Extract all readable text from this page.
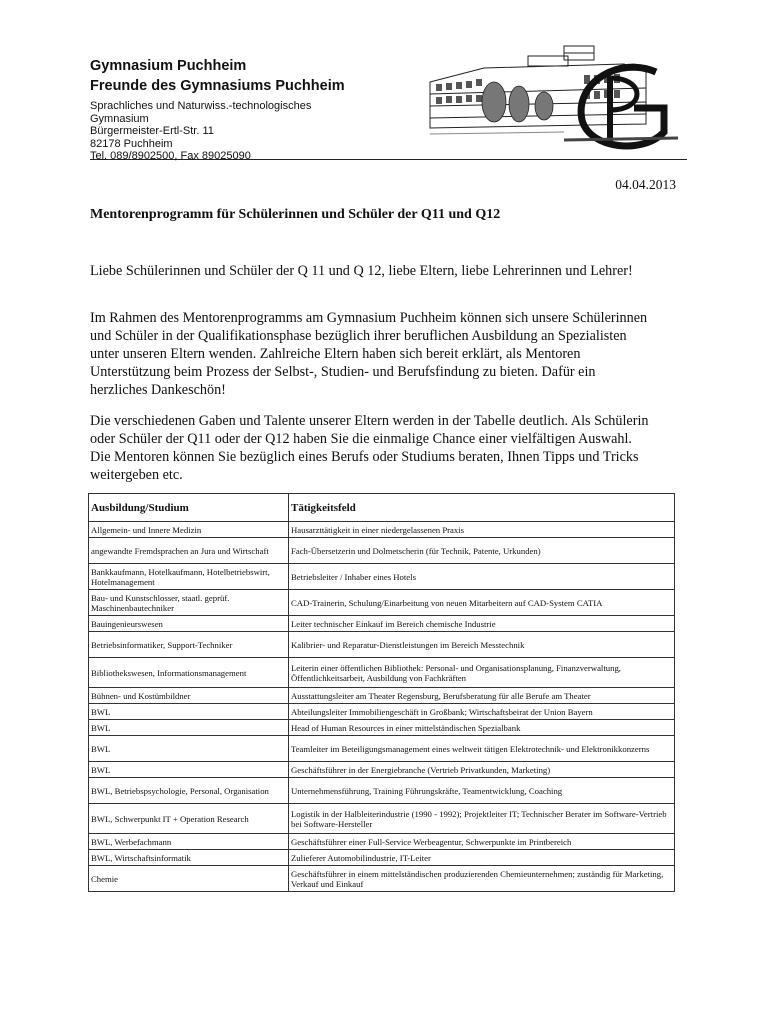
Gymnasium Puchheim

Freunde des Gymnasiums Puchheim

Sprachliches und Naturwiss.-technologisches

Gymnasium

Bürgermeister-Ertl-Str. 11

82178 Puchheim

Tel. 089/8902500, Fax 89025090

04.04.2013
Mentorenprogramm für Schülerinnen und Schüler der Q11 und Q12

Liebe Schülerinnen und Schüler der Q 11 und Q 12, liebe Eltern, liebe Lehrerinnen und Lehrer!

Im Rahmen des Mentorenprogramms am Gymnasium Puchheim können sich unsere Schülerinnen und Schüler in der Qualifikationsphase bezüglich ihrer beruflichen Ausbildung an Spezialisten unter unseren Eltern wenden. Zahlreiche Eltern haben sich bereit erklärt, als Mentoren Unterstützung beim Prozess der Selbst-, Studien- und Berufsfindung zu bieten. Dafür ein herzliches Dankeschön!

Die verschiedenen Gaben und Talente unserer Eltern werden in der Tabelle deutlich. Als Schülerin oder Schüler der Q11 oder der Q12 haben Sie die einmalige Chance einer vielfältigen Auswahl. Die Mentoren können Sie bezüglich eines Berufs oder Studiums beraten, Ihnen Tipps und Tricks weitergeben etc.

Ausbildung/Studium	Tätigkeitsfeld
Allgemein- und Innere Medizin	Hausarzttätigkeit in einer niedergelassenen Praxis
angewandte Fremdsprachen an Jura und Wirtschaft	Fach-Übersetzerin und Dolmetscherin (für Technik, Patente, Urkunden)
Bankkaufmann, Hotelkaufmann, Hotelbetriebswirt, Hotelmanagement	Betriebsleiter / Inhaber eines Hotels
Bau- und Kunstschlosser, staatl. geprüf. Maschinenbautechniker	CAD-Trainerin, Schulung/Einarbeitung von neuen Mitarbeitern auf CAD-System CATIA
Bauingenieurswesen	Leiter technischer Einkauf im Bereich chemische Industrie
Betriebsinformatiker, Support-Techniker	Kalibrier- und Reparatur-Dienstleistungen im Bereich Messtechnik
Bibliothekswesen, Informationsmanagement	Leiterin einer öffentlichen Bibliothek: Personal- und Organisationsplanung, Finanzverwaltung, Öffentlichkeitsarbeit, Ausbildung von Fachkräften
Bühnen- und Kostümbildner	Ausstattungsleiter am Theater Regensburg, Berufsberatung für alle Berufe am Theater
BWL	Abteilungsleiter Immobiliengeschäft in Großbank; Wirtschaftsbeirat der Union Bayern
BWL	Head of Human Resources in einer mittelständischen Spezialbank
BWL	Teamleiter im Beteiligungsmanagement eines weltweit tätigen Elektrotechnik- und Elektronikkonzerns
BWL	Geschäftsführer in der Energiebranche (Vertrieb Privatkunden, Marketing)
BWL, Betriebspsychologie, Personal, Organisation	Unternehmensführung, Training Führungskräfte, Teamentwicklung, Coaching
BWL, Schwerpunkt IT + Operation Research	Logistik in der Halbleiterindustrie (1990 - 1992); Projektleiter IT; Technischer Berater im Software-Vertrieb bei Software-Hersteller
BWL, Werbefachmann	Geschäftsführer einer Full-Service Werbeagentur, Schwerpunkte im Printbereich
BWL, Wirtschaftsinformatik	Zulieferer Automobilindustrie, IT-Leiter
Chemie	Geschäftsführer in einem mittelständischen produzierenden Chemieunternehmen; zuständig für Marketing, Verkauf und Einkauf
